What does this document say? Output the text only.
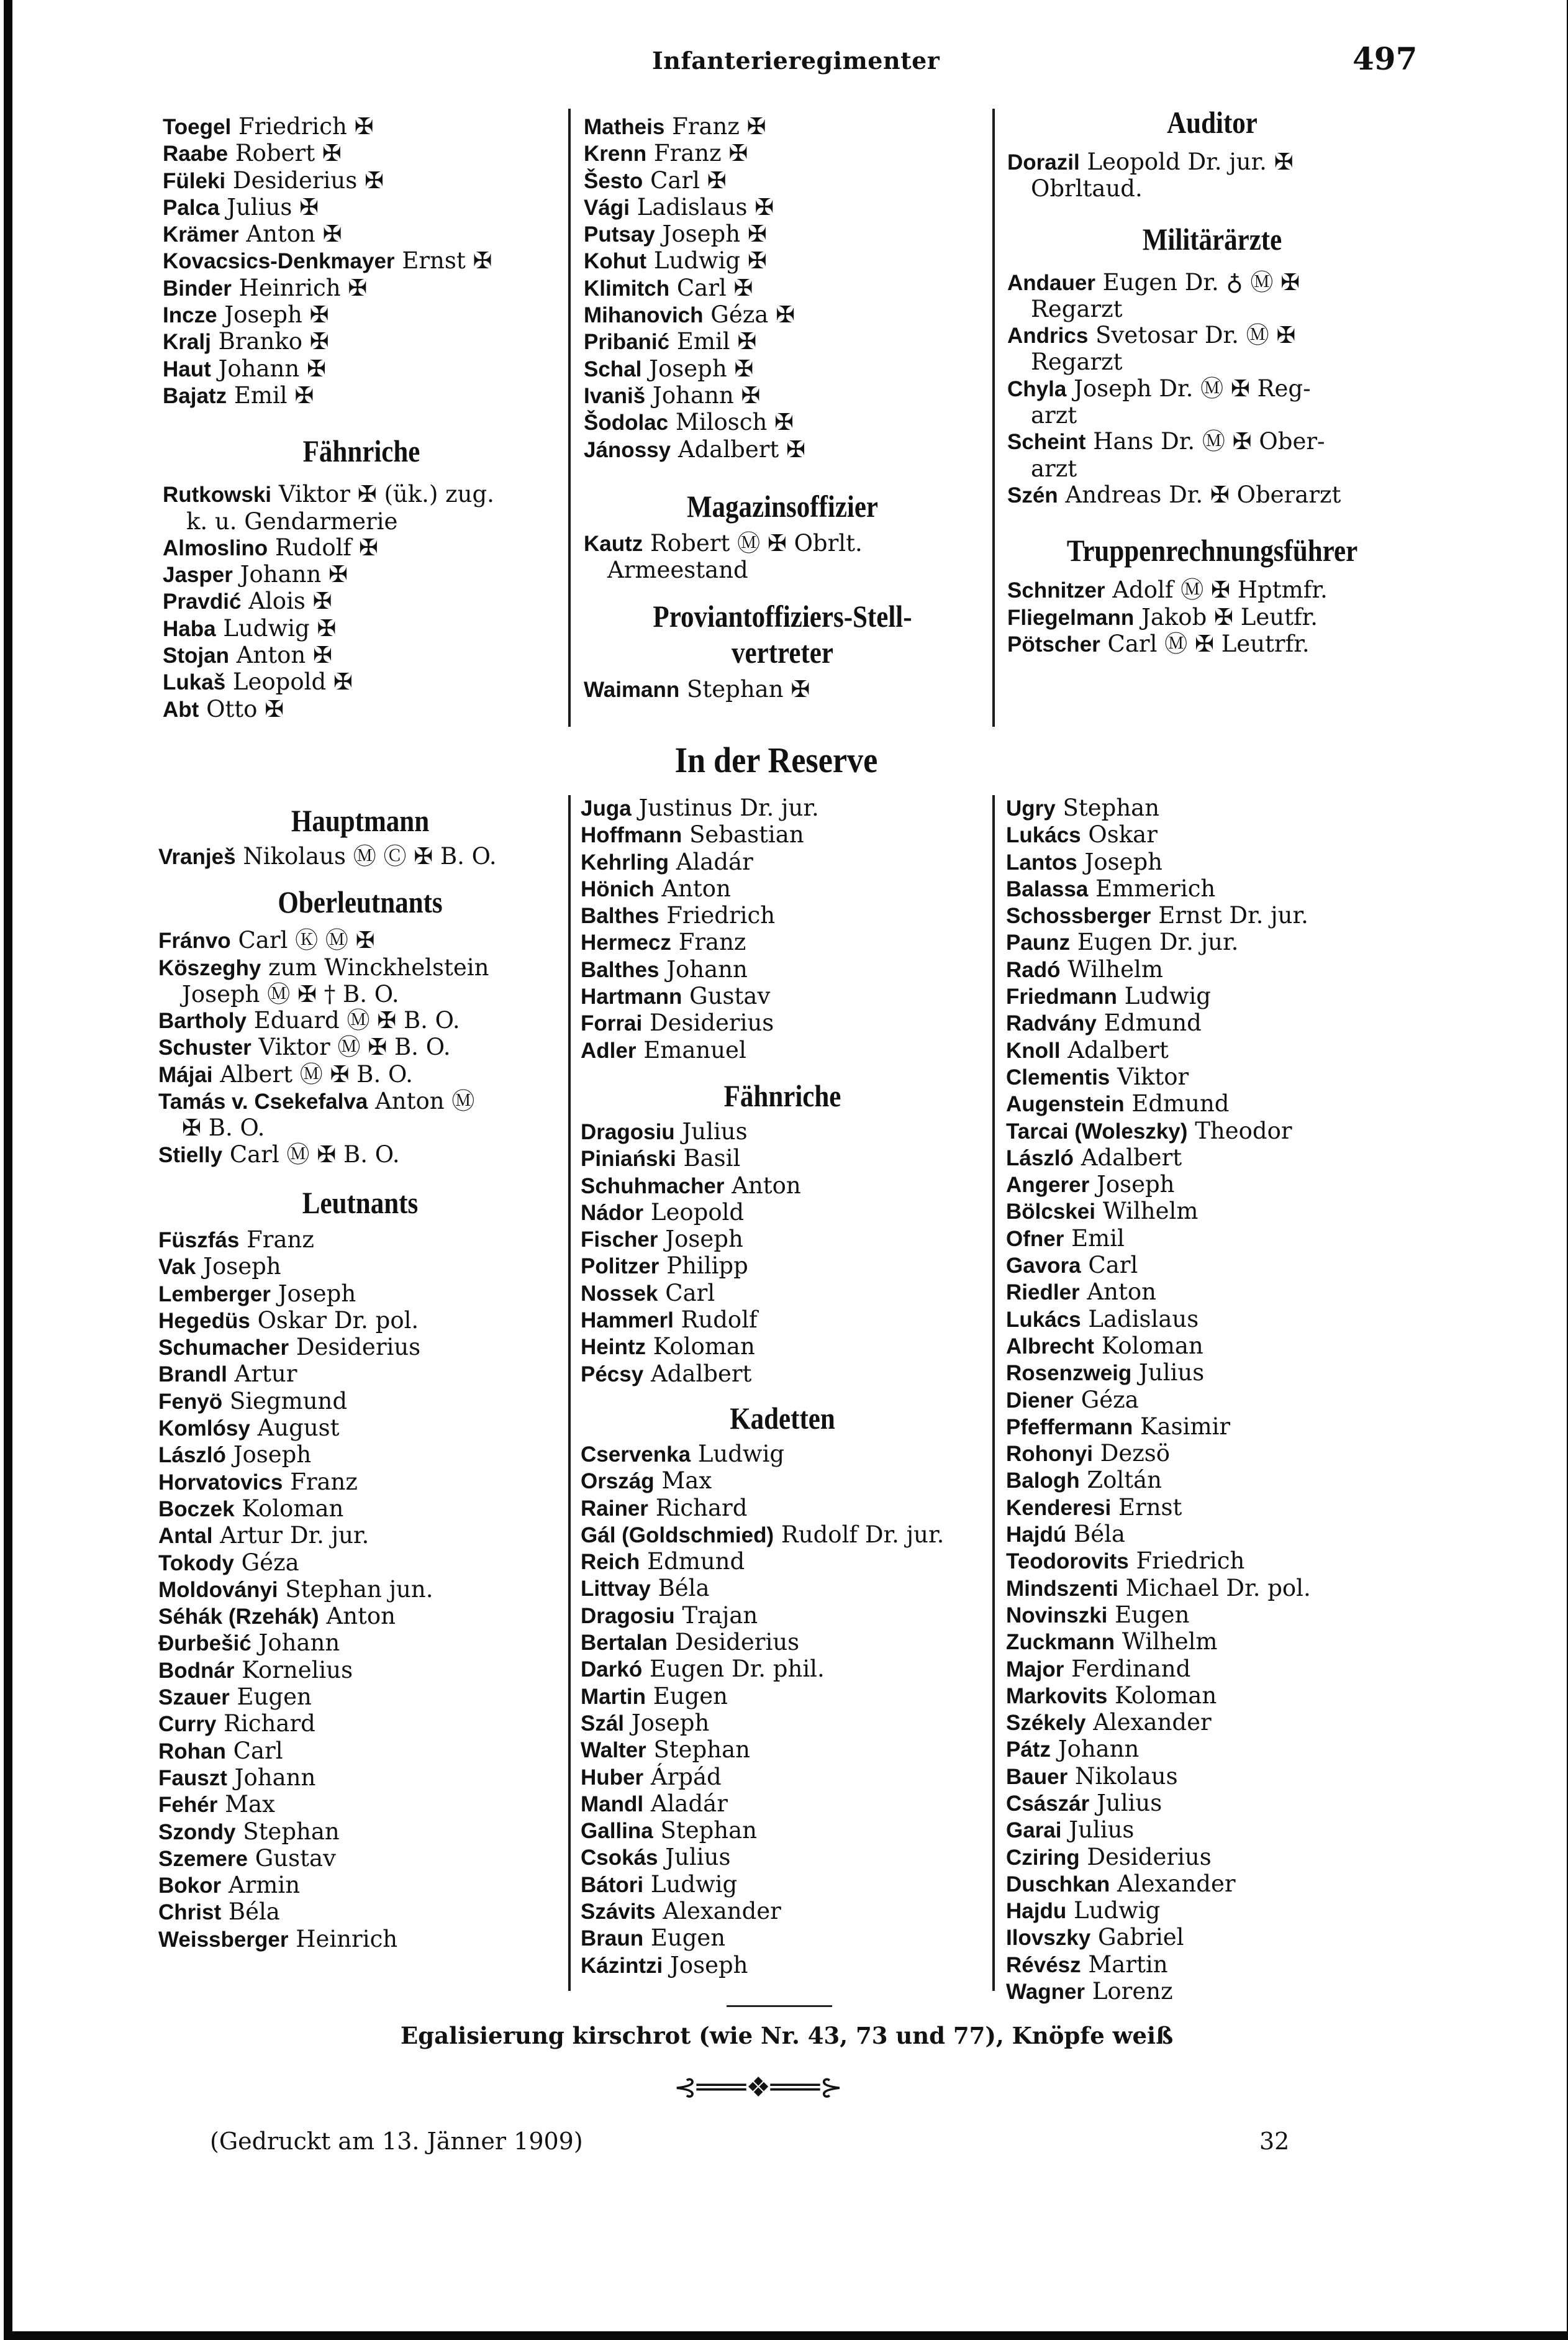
Infanterieregimenter	497
Toegel Friedrich ✠
Raabe Robert ✠
Füleki Desiderius ✠
Palca Julius ✠
Krämer Anton ✠
Kovacsics-Denkmayer Ernst ✠
Binder Heinrich ✠
Incze Joseph ✠
Kralj Branko ✠
Haut Johann ✠
Bajatz Emil ✠
Fähnriche
Rutkowski Viktor ✠ (ük.) zug.
k. u. Gendarmerie
Almoslino Rudolf ✠
Jasper Johann ✠
Pravdić Alois ✠
Haba Ludwig ✠
Stojan Anton ✠
Lukaš Leopold ✠
Abt Otto ✠
Matheis Franz ✠
Krenn Franz ✠
Šesto Carl ✠
Vági Ladislaus ✠
Putsay Joseph ✠
Kohut Ludwig ✠
Klimitch Carl ✠
Mihanovich Géza ✠
Pribanić Emil ✠
Schal Joseph ✠
Ivaniš Johann ✠
Šodolac Milosch ✠
Jánossy Adalbert ✠
Magazinsoffizier
Kautz Robert Ⓜ ✠ Obrlt.
Armeestand
Proviantoffiziers-Stell-
vertreter
Waimann Stephan ✠
Auditor
Dorazil Leopold Dr. jur. ✠
Obrltaud.
Militärärzte
Andauer Eugen Dr. ♁ Ⓜ ✠
Regarzt
Andrics Svetosar Dr. Ⓜ ✠
Regarzt
Chyla Joseph Dr. Ⓜ ✠ Reg-
arzt
Scheint Hans Dr. Ⓜ ✠ Ober-
arzt
Szén Andreas Dr. ✠ Oberarzt
Truppenrechnungsführer
Schnitzer Adolf Ⓜ ✠ Hptmfr.
Fliegelmann Jakob ✠ Leutfr.
Pötscher Carl Ⓜ ✠ Leutrfr.
In der Reserve
Hauptmann
Vranješ Nikolaus Ⓜ Ⓒ ✠ B. O.
Oberleutnants
Fránvo Carl Ⓚ Ⓜ ✠
Köszeghy zum Winckhelstein
Joseph Ⓜ ✠ † B. O.
Bartholy Eduard Ⓜ ✠ B. O.
Schuster Viktor Ⓜ ✠ B. O.
Májai Albert Ⓜ ✠ B. O.
Tamás v. Csekefalva Anton Ⓜ
✠ B. O.
Stielly Carl Ⓜ ✠ B. O.
Leutnants
Füszfás Franz
Vak Joseph
Lemberger Joseph
Hegedüs Oskar Dr. pol.
Schumacher Desiderius
Brandl Artur
Fenyö Siegmund
Komlósy August
László Joseph
Horvatovics Franz
Boczek Koloman
Antal Artur Dr. jur.
Tokody Géza
Moldoványi Stephan jun.
Séhák (Rzehák) Anton
Đurbešić Johann
Bodnár Kornelius
Szauer Eugen
Curry Richard
Rohan Carl
Fauszt Johann
Fehér Max
Szondy Stephan
Szemere Gustav
Bokor Armin
Christ Béla
Weissberger Heinrich
Juga Justinus Dr. jur.
Hoffmann Sebastian
Kehrling Aladár
Hönich Anton
Balthes Friedrich
Hermecz Franz
Balthes Johann
Hartmann Gustav
Forrai Desiderius
Adler Emanuel
Fähnriche
Dragosiu Julius
Piniański Basil
Schuhmacher Anton
Nádor Leopold
Fischer Joseph
Politzer Philipp
Nossek Carl
Hammerl Rudolf
Heintz Koloman
Pécsy Adalbert
Kadetten
Cservenka Ludwig
Ország Max
Rainer Richard
Gál (Goldschmied) Rudolf Dr. jur.
Reich Edmund
Littvay Béla
Dragosiu Trajan
Bertalan Desiderius
Darkó Eugen Dr. phil.
Martin Eugen
Szál Joseph
Walter Stephan
Huber Árpád
Mandl Aladár
Gallina Stephan
Csokás Julius
Bátori Ludwig
Szávits Alexander
Braun Eugen
Kázintzi Joseph
Ugry Stephan
Lukács Oskar
Lantos Joseph
Balassa Emmerich
Schossberger Ernst Dr. jur.
Paunz Eugen Dr. jur.
Radó Wilhelm
Friedmann Ludwig
Radvány Edmund
Knoll Adalbert
Clementis Viktor
Augenstein Edmund
Tarcai (Woleszky) Theodor
László Adalbert
Angerer Joseph
Bölcskei Wilhelm
Ofner Emil
Gavora Carl
Riedler Anton
Lukács Ladislaus
Albrecht Koloman
Rosenzweig Julius
Diener Géza
Pfeffermann Kasimir
Rohonyi Dezsö
Balogh Zoltán
Kenderesi Ernst
Hajdú Béla
Teodorovits Friedrich
Mindszenti Michael Dr. pol.
Novinszki Eugen
Zuckmann Wilhelm
Major Ferdinand
Markovits Koloman
Székely Alexander
Pátz Johann
Bauer Nikolaus
Császár Julius
Garai Julius
Cziring Desiderius
Duschkan Alexander
Hajdu Ludwig
Ilovszky Gabriel
Révész Martin
Wagner Lorenz
Egalisierung kirschrot (wie Nr. 43, 73 und 77), Knöpfe weiß
⊰═══❖═══⊱
(Gedruckt am 13. Jänner 1909)	32
